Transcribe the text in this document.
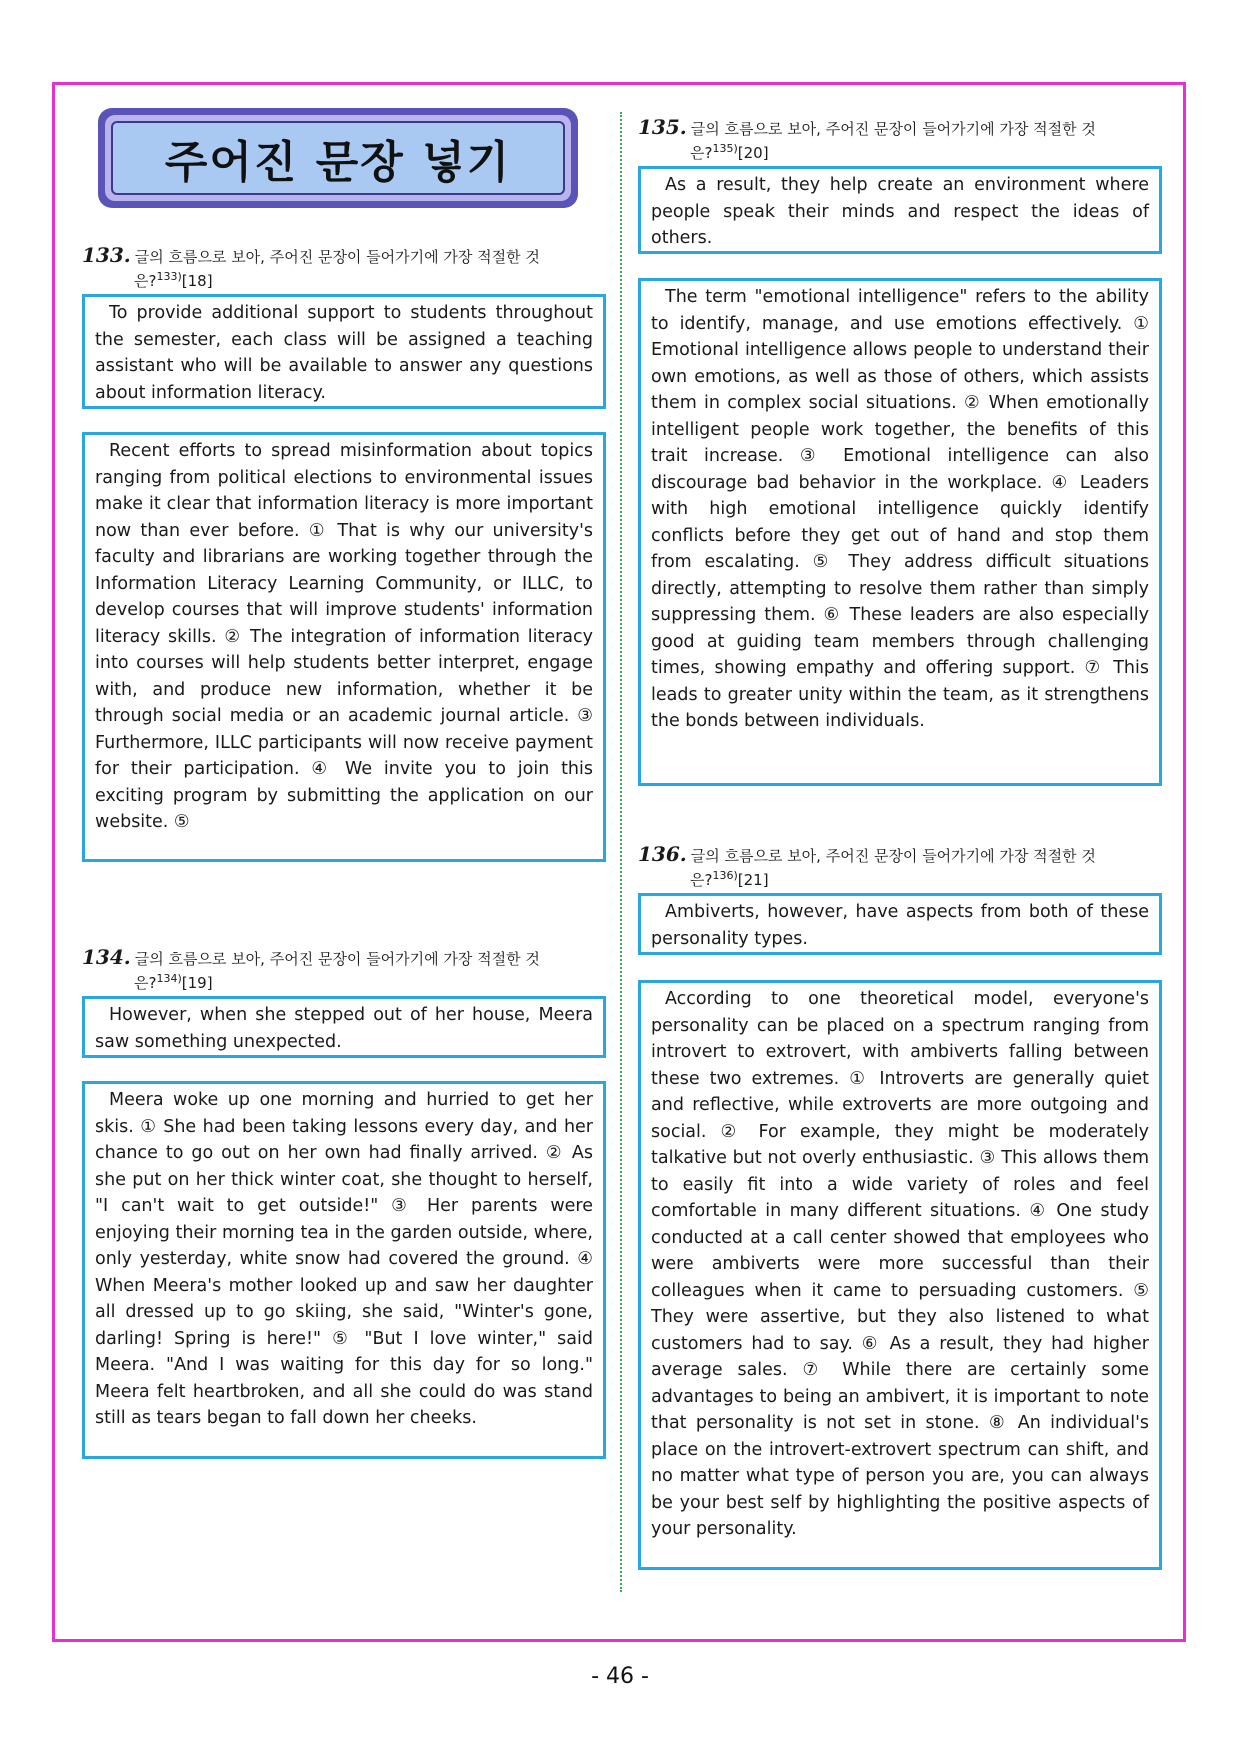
주어진 문장 넣기
133. 글의 흐름으로 보아, 주어진 문장이 들어가기에 가장 적절한 것
은?$^{133)}$[18]

To provide additional support to students throughout the semester, each class will be assigned a teaching assistant who will be available to answer any questions about information literacy.

Recent efforts to spread misinformation about topics ranging from political elections to environmental issues make it clear that information literacy is more important now than ever before. ① That is why our university's faculty and librarians are working together through the Information Literacy Learning Community, or ILLC, to develop courses that will improve students' information literacy skills. ② The integration of information literacy into courses will help students better interpret, engage with, and produce new information, whether it be through social media or an academic journal article. ③ Furthermore, ILLC participants will now receive payment for their participation. ④ We invite you to join this exciting program by submitting the application on our website. ⑤

134. 글의 흐름으로 보아, 주어진 문장이 들어가기에 가장 적절한 것
은?$^{134)}$[19]

However, when she stepped out of her house, Meera saw something unexpected.

Meera woke up one morning and hurried to get her skis. ① She had been taking lessons every day, and her chance to go out on her own had finally arrived. ② As she put on her thick winter coat, she thought to herself, "I can't wait to get outside!" ③ Her parents were enjoying their morning tea in the garden outside, where, only yesterday, white snow had covered the ground. ④ When Meera's mother looked up and saw her daughter all dressed up to go skiing, she said, "Winter's gone, darling! Spring is here!" ⑤ "But I love winter," said Meera. "And I was waiting for this day for so long." Meera felt heartbroken, and all she could do was stand still as tears began to fall down her cheeks.

135. 글의 흐름으로 보아, 주어진 문장이 들어가기에 가장 적절한 것
은?$^{135)}$[20]

As a result, they help create an environment where people speak their minds and respect the ideas of others.

The term "emotional intelligence" refers to the ability to identify, manage, and use emotions effectively. ① Emotional intelligence allows people to understand their own emotions, as well as those of others, which assists them in complex social situations. ② When emotionally intelligent people work together, the benefits of this trait increase. ③ Emotional intelligence can also discourage bad behavior in the workplace. ④ Leaders with high emotional intelligence quickly identify conflicts before they get out of hand and stop them from escalating. ⑤ They address difficult situations directly, attempting to resolve them rather than simply suppressing them. ⑥ These leaders are also especially good at guiding team members through challenging times, showing empathy and offering support. ⑦ This leads to greater unity within the team, as it strengthens the bonds between individuals.

136. 글의 흐름으로 보아, 주어진 문장이 들어가기에 가장 적절한 것
은?$^{136)}$[21]

Ambiverts, however, have aspects from both of these personality types.

According to one theoretical model, everyone's personality can be placed on a spectrum ranging from introvert to extrovert, with ambiverts falling between these two extremes. ① Introverts are generally quiet and reflective, while extroverts are more outgoing and social. ② For example, they might be moderately talkative but not overly enthusiastic. ③ This allows them to easily fit into a wide variety of roles and feel comfortable in many different situations. ④ One study conducted at a call center showed that employees who were ambiverts were more successful than their colleagues when it came to persuading customers. ⑤ They were assertive, but they also listened to what customers had to say. ⑥ As a result, they had higher average sales. ⑦ While there are certainly some advantages to being an ambivert, it is important to note that personality is not set in stone. ⑧ An individual's place on the introvert-extrovert spectrum can shift, and no matter what type of person you are, you can always be your best self by highlighting the positive aspects of your personality.

- 46 -
